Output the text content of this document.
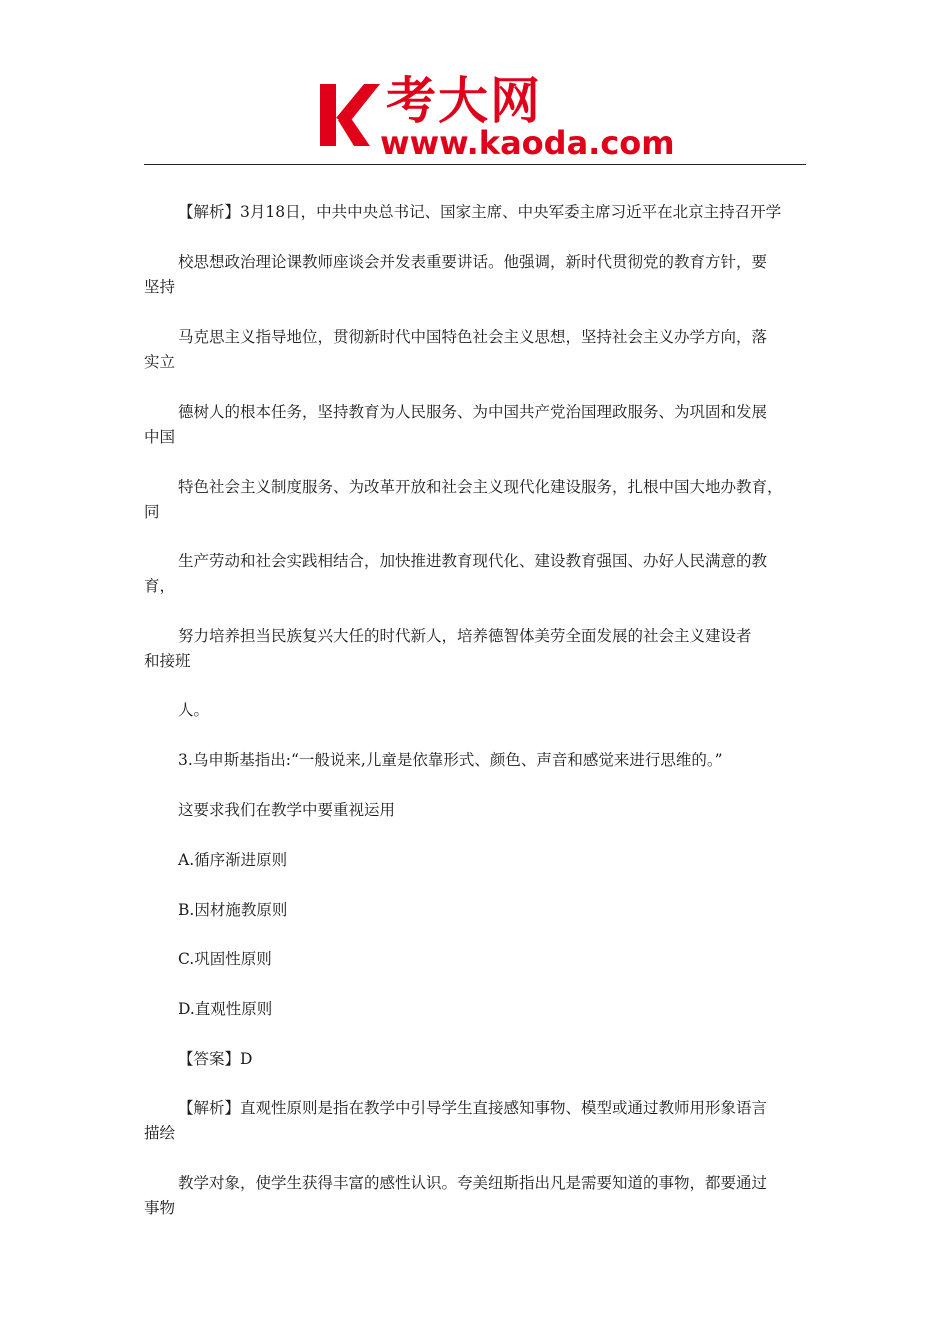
考大网
www.kaoda.com
【解析】3月18日，中共中央总书记、国家主席、中央军委主席习近平在北京主持召开学
校思想政治理论课教师座谈会并发表重要讲话。他强调，新时代贯彻党的教育方针，要
坚持
马克思主义指导地位，贯彻新时代中国特色社会主义思想，坚持社会主义办学方向，落
实立
德树人的根本任务，坚持教育为人民服务、为中国共产党治国理政服务、为巩固和发展
中国
特色社会主义制度服务、为改革开放和社会主义现代化建设服务，扎根中国大地办教育，
同
生产劳动和社会实践相结合，加快推进教育现代化、建设教育强国、办好人民满意的教
育，
努力培养担当民族复兴大任的时代新人，培养德智体美劳全面发展的社会主义建设者
和接班
人。
3.乌申斯基指出:“一般说来,儿童是依靠形式、颜色、声音和感觉来进行思维的。”
这要求我们在教学中要重视运用
A.循序渐进原则
B.因材施教原则
C.巩固性原则
D.直观性原则
【答案】D
【解析】直观性原则是指在教学中引导学生直接感知事物、模型或通过教师用形象语言
描绘
教学对象，使学生获得丰富的感性认识。夸美纽斯指出凡是需要知道的事物，都要通过
事物
